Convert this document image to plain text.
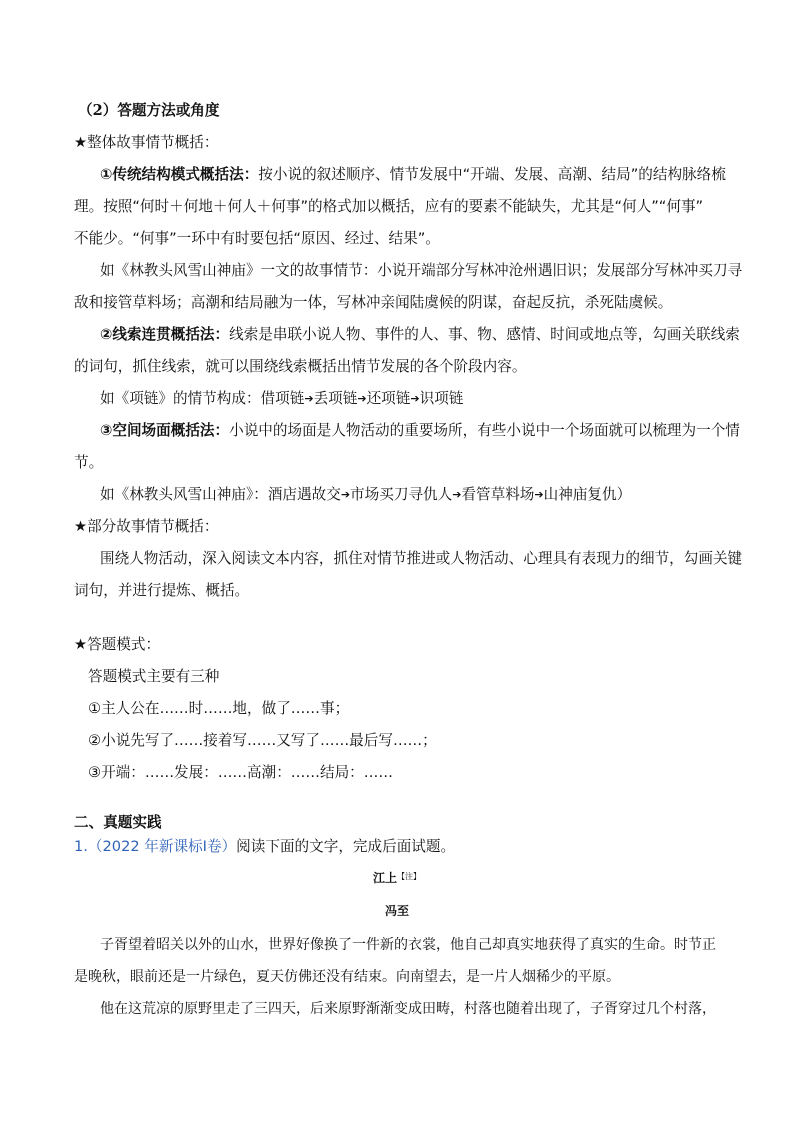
（2）答题方法或角度
★整体故事情节概括：
①传统结构模式概括法：按小说的叙述顺序、情节发展中“开端、发展、高潮、结局”的结构脉络梳
理。按照“何时＋何地＋何人＋何事”的格式加以概括，应有的要素不能缺失，尤其是“何人”“何事”
不能少。“何事”一环中有时要包括“原因、经过、结果”。
如《林教头风雪山神庙》一文的故事情节：小说开端部分写林冲沧州遇旧识；发展部分写林冲买刀寻
敌和接管草料场；高潮和结局融为一体，写林冲亲闻陆虞候的阴谋，奋起反抗，杀死陆虞候。
②线索连贯概括法：线索是串联小说人物、事件的人、事、物、感情、时间或地点等，勾画关联线索
的词句，抓住线索，就可以围绕线索概括出情节发展的各个阶段内容。
如《项链》的情节构成：借项链➔丢项链➔还项链➔识项链
③空间场面概括法：小说中的场面是人物活动的重要场所，有些小说中一个场面就可以梳理为一个情
节。
如《林教头风雪山神庙》：酒店遇故交➔市场买刀寻仇人➔看管草料场➔山神庙复仇）
★部分故事情节概括：
围绕人物活动，深入阅读文本内容，抓住对情节推进或人物活动、心理具有表现力的细节，勾画关键
词句，并进行提炼、概括。
★答题模式：
答题模式主要有三种
①主人公在……时……地，做了……事；
②小说先写了……接着写……又写了……最后写……；
③开端：……发展：……高潮：……结局：……
二、真题实践
1.（2022 年新课标Ⅰ卷）阅读下面的文字，完成后面试题。
江上$^{【注】}$
冯至
子胥望着昭关以外的山水，世界好像换了一件新的衣裳，他自己却真实地获得了真实的生命。时节正
是晚秋，眼前还是一片绿色，夏天仿佛还没有结束。向南望去，是一片人烟稀少的平原。
他在这荒凉的原野里走了三四天，后来原野渐渐变成田畴，村落也随着出现了，子胥穿过几个村落，
